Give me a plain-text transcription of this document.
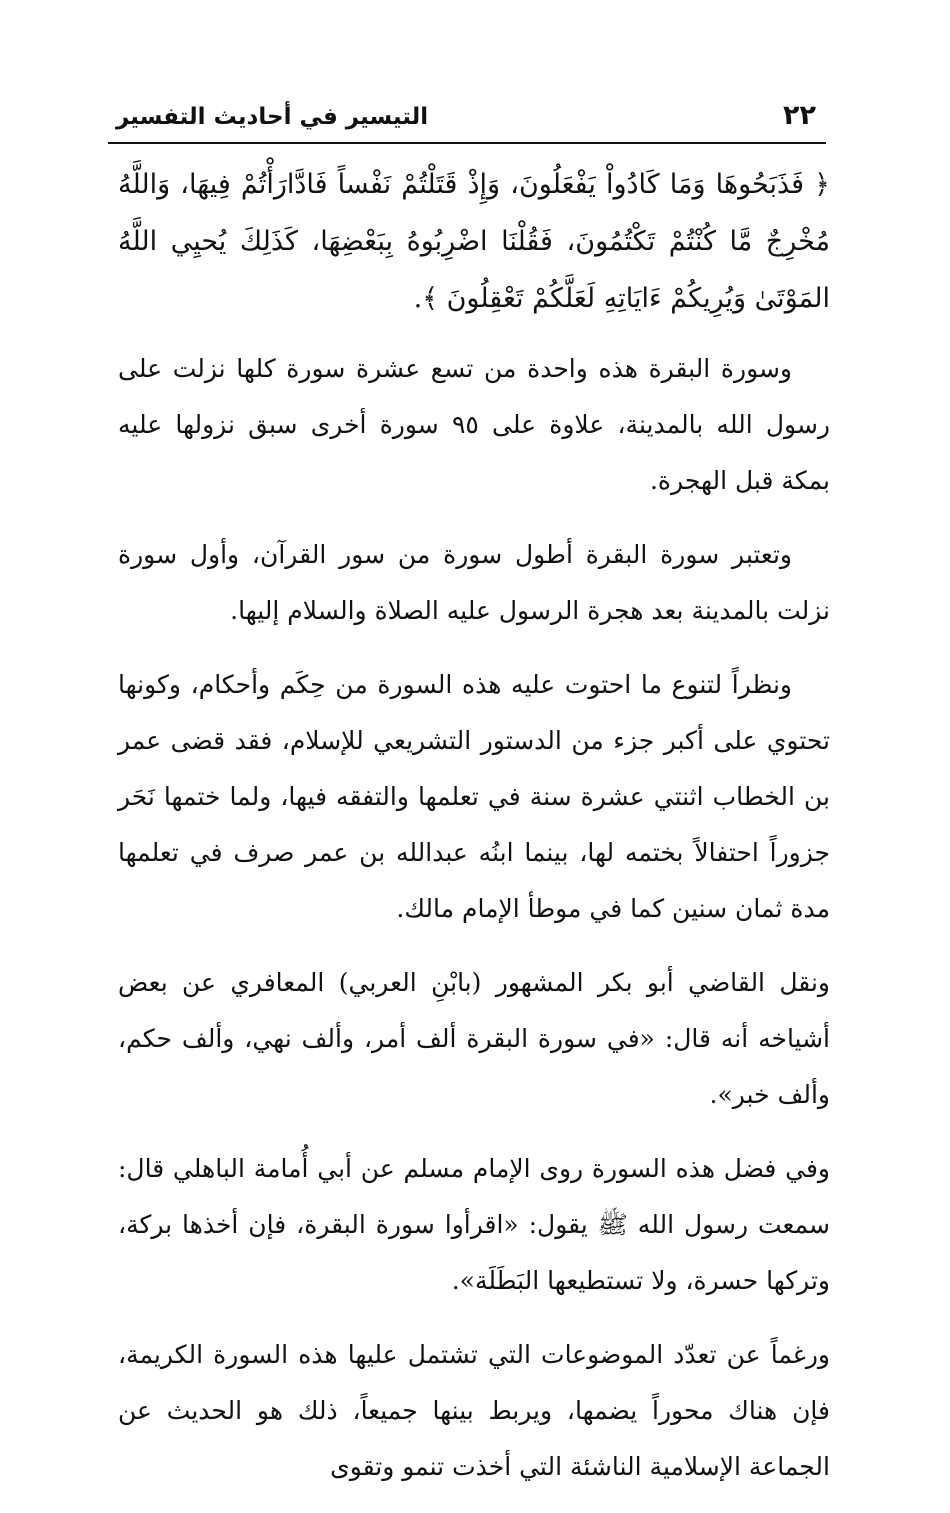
٢٢
التيسير في أحاديث التفسير

﴿ فَذَبَحُوهَا وَمَا كَادُواْ يَفْعَلُونَ، وَإِذْ قَتَلْتُمْ نَفْساً فَادَّارَأْتُمْ فِيهَا، وَاللَّهُ مُخْرِجٌ مَّا كُنْتُمْ تَكْتُمُونَ، فَقُلْنَا اضْرِبُوهُ بِبَعْضِهَا، كَذَلِكَ يُحيِي اللَّهُ المَوْتَىٰ وَيُرِيكُمْ ءَايَاتِهِ لَعَلَّكُمْ تَعْقِلُونَ ﴾.

وسورة البقرة هذه واحدة من تسع عشرة سورة كلها نزلت على رسول الله بالمدينة، علاوة على ٩٥ سورة أخرى سبق نزولها عليه بمكة قبل الهجرة.

وتعتبر سورة البقرة أطول سورة من سور القرآن، وأول سورة نزلت بالمدينة بعد هجرة الرسول عليه الصلاة والسلام إليها.

ونظراً لتنوع ما احتوت عليه هذه السورة من حِكَم وأحكام، وكونها تحتوي على أكبر جزء من الدستور التشريعي للإسلام، فقد قضى عمر بن الخطاب اثنتي عشرة سنة في تعلمها والتفقه فيها، ولما ختمها نَحَر جزوراً احتفالاً بختمه لها، بينما ابنُه عبدالله بن عمر صرف في تعلمها مدة ثمان سنين كما في موطأ الإمام مالك.

ونقل القاضي أبو بكر المشهور (بابْنِ العربي) المعافري عن بعض أشياخه أنه قال: «في سورة البقرة ألف أمر، وألف نهي، وألف حكم، وألف خبر».

وفي فضل هذه السورة روى الإمام مسلم عن أبي أُمامة الباهلي قال: سمعت رسول الله ﷺ يقول: «اقرأوا سورة البقرة، فإن أخذها بركة، وتركها حسرة، ولا تستطيعها البَطَلَة».

ورغماً عن تعدّد الموضوعات التي تشتمل عليها هذه السورة الكريمة، فإن هناك محوراً يضمها، ويربط بينها جميعاً، ذلك هو الحديث عن الجماعة الإسلامية الناشئة التي أخذت تنمو وتقوى
